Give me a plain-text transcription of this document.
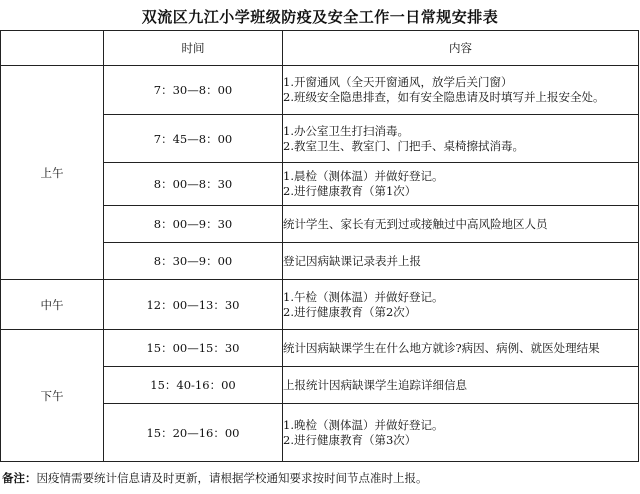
双流区九江小学班级防疫及安全工作一日常规安排表
	时间	内容
上午	7：30—8：00	1.开窗通风（全天开窗通风，放学后关门窗）
2.班级安全隐患排查，如有安全隐患请及时填写并上报安全处。

	7：45—8：00	1.办公室卫生打扫消毒。
2.教室卫生、教室门、门把手、桌椅擦拭消毒。

	8：00—8：30	1.晨检（测体温）并做好登记。
2.进行健康教育（第1次）

	8：00—9：30	统计学生、家长有无到过或接触过中高风险地区人员

	8：30—9：00	登记因病缺课记录表并上报

中午	12：00—13：30	1.午检（测体温）并做好登记。
2.进行健康教育（第2次）

下午	15：00—15：30	统计因病缺课学生在什么地方就诊?病因、病例、就医处理结果

	15：40-16：00	上报统计因病缺课学生追踪详细信息

	15：20—16：00	1.晚检（测体温）并做好登记。
2.进行健康教育（第3次）
备注：因疫情需要统计信息请及时更新，请根据学校通知要求按时间节点准时上报。
